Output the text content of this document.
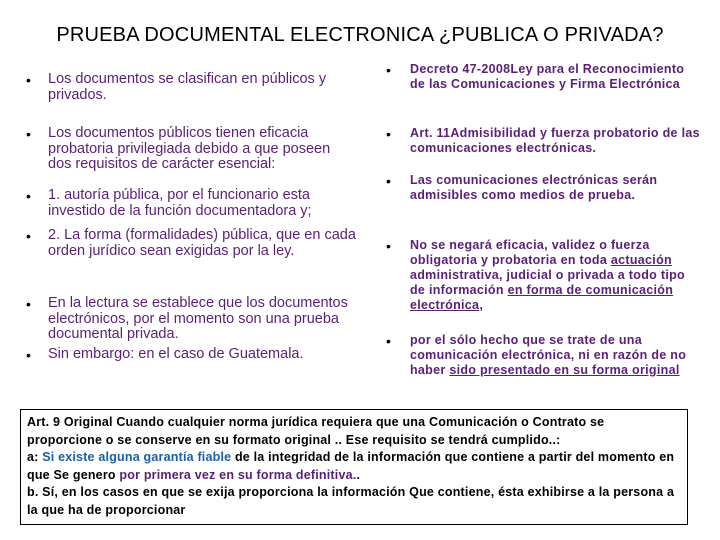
PRUEBA DOCUMENTAL ELECTRONICA ¿PUBLICA O PRIVADA?
• Los documentos se clasifican en públicos y privados.
• Los documentos públicos tienen eficacia probatoria privilegiada debido a que poseen dos requisitos de carácter esencial:
• 1. autoría pública, por el funcionario esta investido de la función documentadora y;
• 2. La forma (formalidades) pública, que en cada orden jurídico sean exigidas por la ley.
• En la lectura se establece que los documentos electrónicos, por el momento son una prueba documental privada.
• Sin embargo: en el caso de Guatemala.
• Decreto 47-2008Ley para el Reconocimiento de las Comunicaciones y Firma Electrónica
• Art. 11Admisibilidad y fuerza probatorio de las comunicaciones electrónicas.
• Las comunicaciones electrónicas serán admisibles como medios de prueba.
• No se negará eficacia, validez o fuerza obligatoria y probatoria en toda actuación administrativa, judicial o privada a todo tipo de información en forma de comunicación electrónica,
• por el sólo hecho que se trate de una comunicación electrónica, ni en razón de no haber sido presentado en su forma original

Art. 9 Original Cuando cualquier norma jurídica requiera que una Comunicación o Contrato se proporcione o se conserve en su formato original .. Ese requisito se tendrá cumplido..:

a: Si existe alguna garantía fiable de la integridad de la información que contiene a partir del momento en que Se genero por primera vez en su forma definitiva..

b. Sí, en los casos en que se exija proporciona la información Que contiene, ésta exhibirse a la persona a la que ha de proporcionar
